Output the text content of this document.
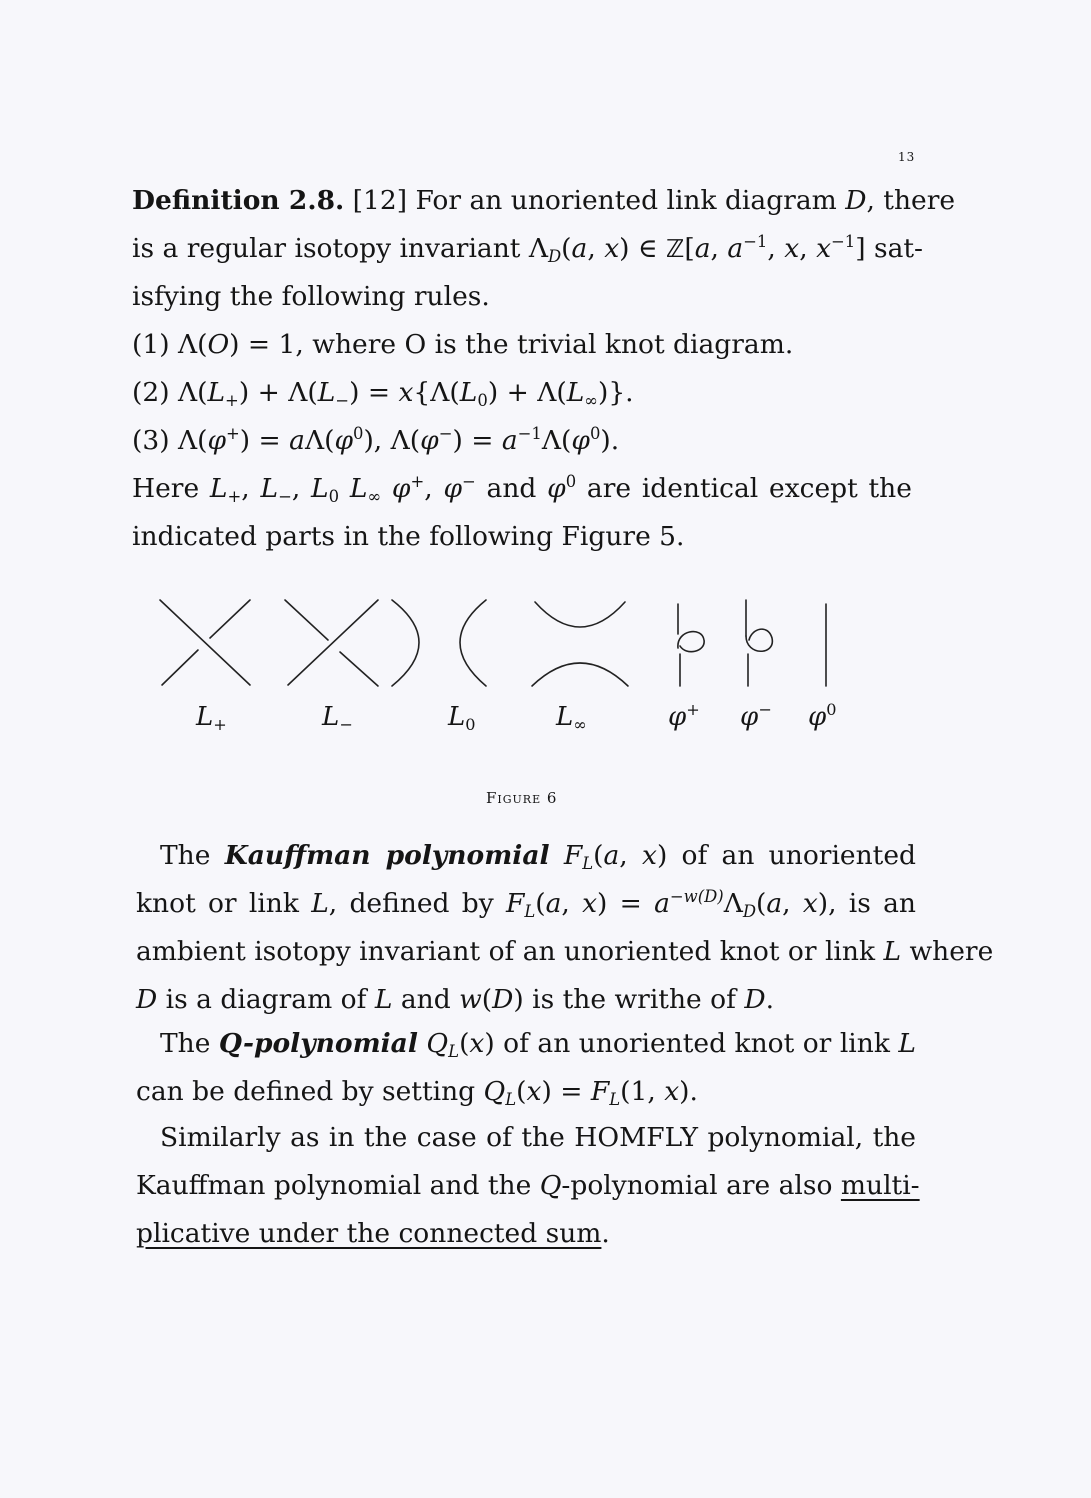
13
Definition 2.8. [12] For an unoriented link diagram D, there
is a regular isotopy invariant $\Lambda_D(a$, x) ∈ ℤ[a, $a^{-1}$, x, $x^{-1}$] sat-
isfying the following rules.
(1) Λ(O) = 1, where O is the trivial knot diagram.
(2) $\Lambda(L_+) + \Lambda(L_-) = x\{\Lambda(L_0) + \Lambda(L_\infty)\}$.
(3) $\Lambda(\varphi^+) = a\Lambda(\varphi^0)$, $\Lambda(\varphi^-) = a^{-1}\Lambda(\varphi^0)$.
Here $L_+$, $L_-$, $L_0$ $L_\infty$ φ+, φ− and $\varphi^0$ are identical except the
indicated parts in the following Figure 5.
$L_+$	$L_-$	$L_0$	$L_\infty$	φ+ φ− $\varphi^0$
Figure 6
The Kauffman polynomial $F_L(a$, x) of an unoriented
knot or link L, defined by $F_L(a$, $x) = a^{-w(D)}\Lambda_D(a$, x), is an
ambient isotopy invariant of an unoriented knot or link L where
D is a diagram of L and w(D) is the writhe of D.
The Q-polynomial $Q_L(x)$ of an unoriented knot or link L
can be defined by setting $Q_L(x) = F_L(1$, x).
Similarly as in the case of the HOMFLY polynomial, the
Kauffman polynomial and the Q-polynomial are also multi-
plicative under the connected sum.
